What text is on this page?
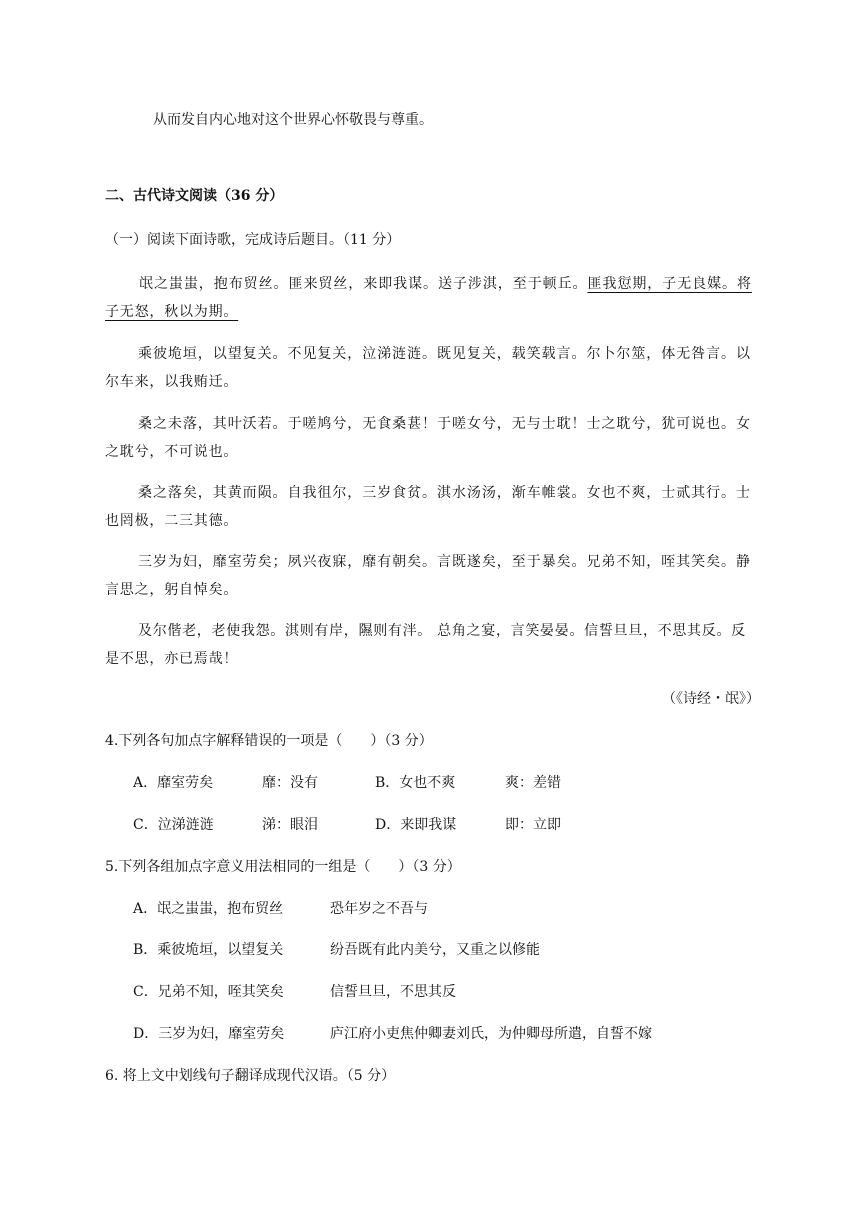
从而发自内心地对这个世界心怀敬畏与尊重。
二、古代诗文阅读（36 分）
（一）阅读下面诗歌，完成诗后题目。（11 分）
氓之蚩蚩，抱布贸丝。匪来贸丝，来即我谋。送子涉淇，至于顿丘。匪我愆期，子无良媒。将
子无怒，秋以为期。
乘彼垝垣，以望复关。不见复关，泣涕涟涟。既见复关，载笑载言。尔卜尔筮，体无咎言。以
尔车来，以我贿迁。
桑之未落，其叶沃若。于嗟鸠兮，无食桑葚！于嗟女兮，无与士耽！士之耽兮，犹可说也。女
之耽兮，不可说也。
桑之落矣，其黄而陨。自我徂尔，三岁食贫。淇水汤汤，渐车帷裳。女也不爽，士贰其行。士
也罔极，二三其德。
三岁为妇，靡室劳矣；夙兴夜寐，靡有朝矣。言既遂矣，至于暴矣。兄弟不知，咥其笑矣。静
言思之，躬自悼矣。
及尔偕老，老使我怨。淇则有岸，隰则有泮。 总角之宴，言笑晏晏。信誓旦旦，不思其反。反
是不思，亦已焉哉！
（《诗经・氓》）
4.下列各句加点字解释错误的一项是（　　）（3 分）
A．靡室劳矣	靡：没有	B．女也不爽	爽：差错
C．泣涕涟涟	涕：眼泪	D．来即我谋	即：立即
5.下列各组加点字意义用法相同的一组是（　　）（3 分）
A．氓之蚩蚩，抱布贸丝	恐年岁之不吾与
B．乘彼垝垣，以望复关	纷吾既有此内美兮，又重之以修能
C．兄弟不知，咥其笑矣	信誓旦旦，不思其反
D．三岁为妇，靡室劳矣	庐江府小吏焦仲卿妻刘氏，为仲卿母所遣，自誓不嫁
6. 将上文中划线句子翻译成现代汉语。（5 分）
